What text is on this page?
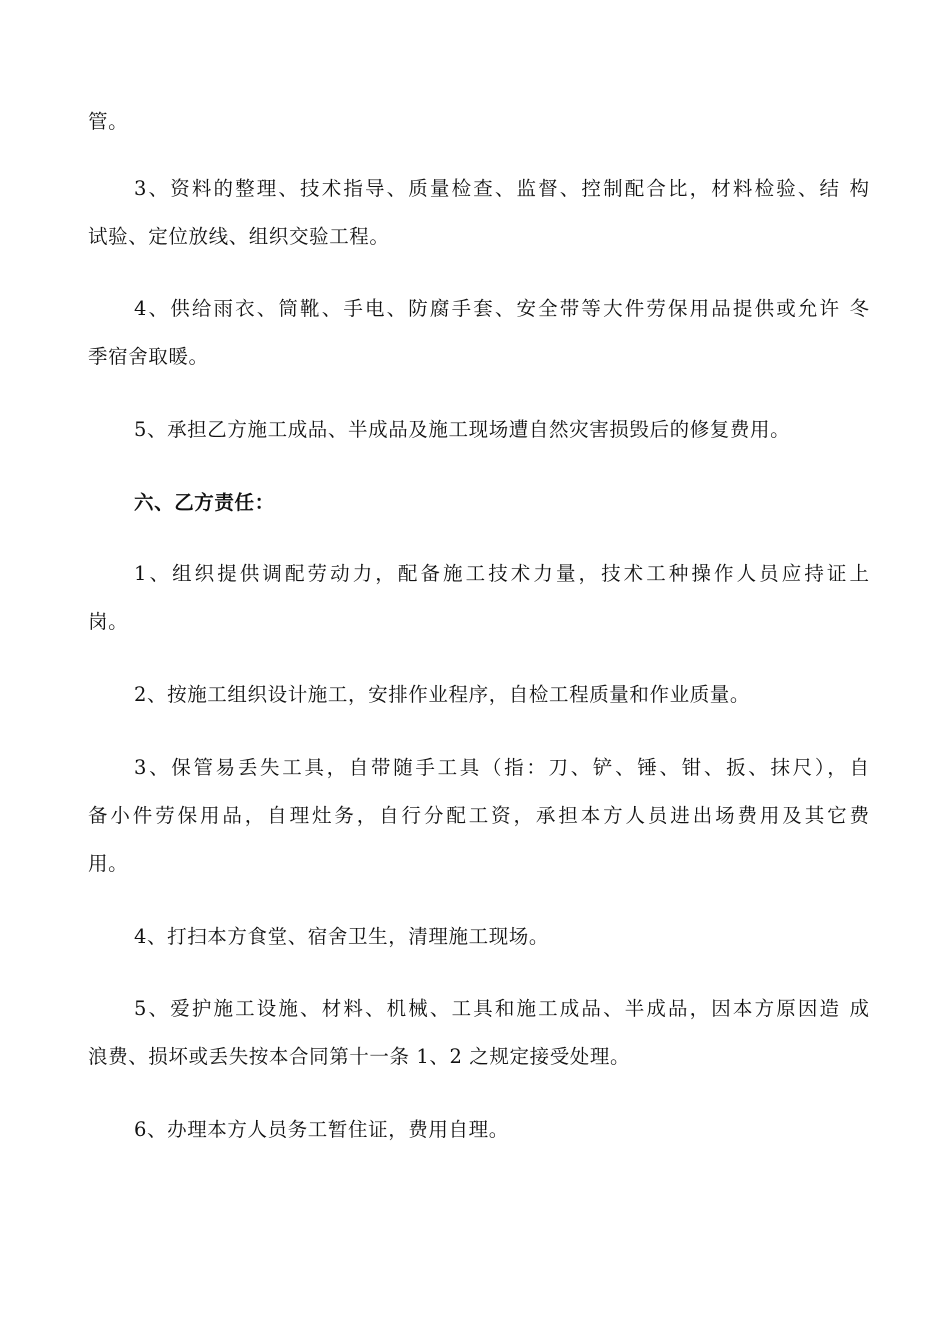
管。
3、资料的整理、技术指导、质量检查、监督、控制配合比，材料检验、结 构
试验、定位放线、组织交验工程。
4、供给雨衣、筒靴、手电、防腐手套、安全带等大件劳保用品提供或允许 冬
季宿舍取暖。
5、承担乙方施工成品、半成品及施工现场遭自然灾害损毁后的修复费用。
六、乙方责任：
1、组织提供调配劳动力，配备施工技术力量，技术工种操作人员应持证上
岗。
2、按施工组织设计施工，安排作业程序，自检工程质量和作业质量。
3、保管易丢失工具，自带随手工具（指：刀、铲、锤、钳、扳、抹尺），自
备小件劳保用品，自理灶务，自行分配工资，承担本方人员进出场费用及其它费
用。
4、打扫本方食堂、宿舍卫生，清理施工现场。
5、爱护施工设施、材料、机械、工具和施工成品、半成品，因本方原因造 成
浪费、损坏或丢失按本合同第十一条 1、2 之规定接受处理。
6、办理本方人员务工暂住证，费用自理。
